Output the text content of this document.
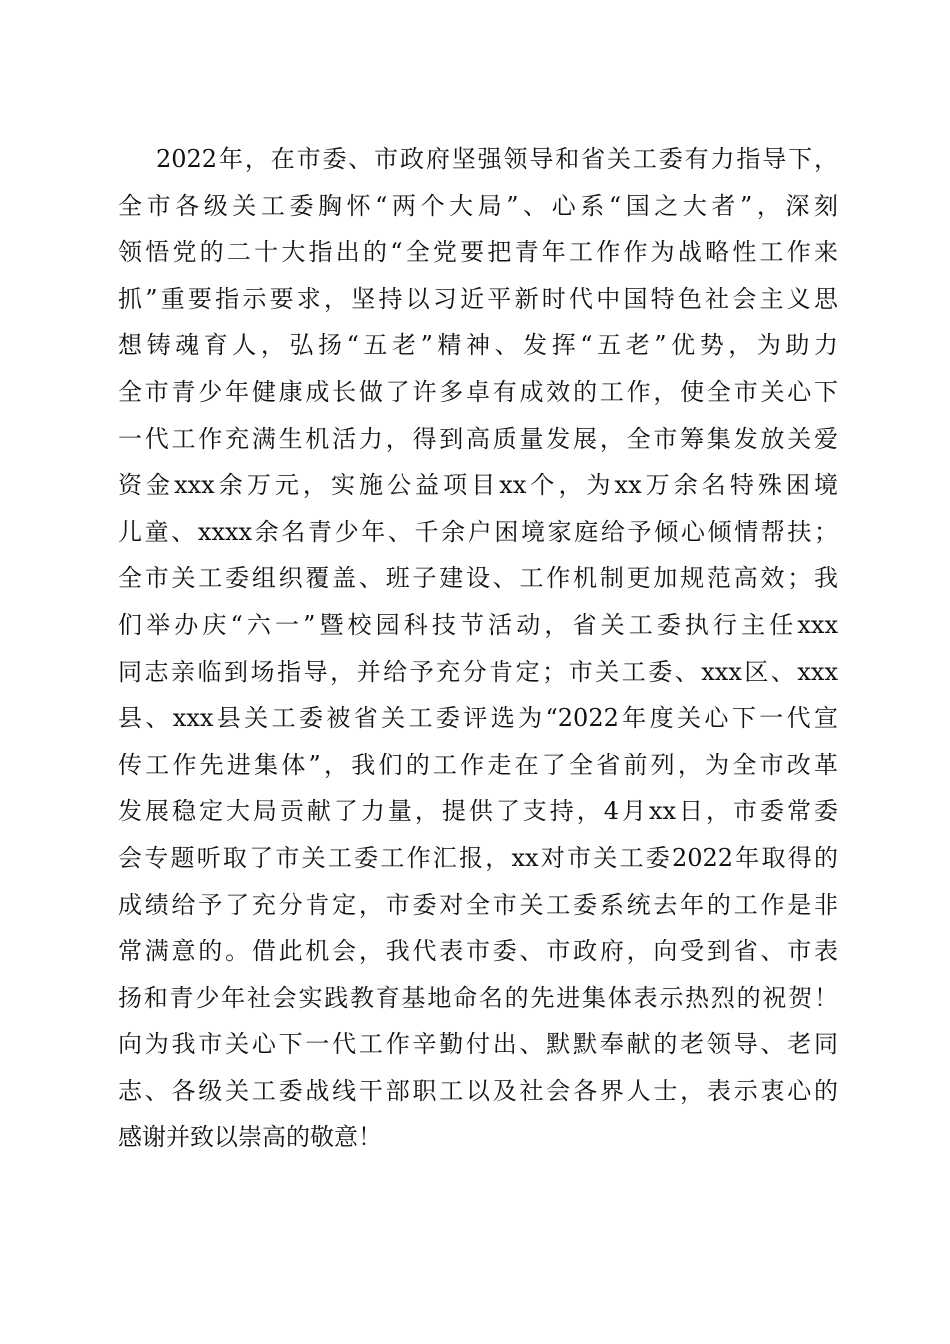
2022年，在市委、市政府坚强领导和省关工委有力指导下，
全市各级关工委胸怀“两个大局”、心系“国之大者”，深刻
领悟党的二十大指出的“全党要把青年工作作为战略性工作来
抓”重要指示要求，坚持以习近平新时代中国特色社会主义思
想铸魂育人，弘扬“五老”精神、发挥“五老”优势，为助力
全市青少年健康成长做了许多卓有成效的工作，使全市关心下
一代工作充满生机活力，得到高质量发展，全市筹集发放关爱
资金xxx余万元，实施公益项目xx个，为xx万余名特殊困境
儿童、xxxx余名青少年、千余户困境家庭给予倾心倾情帮扶；
全市关工委组织覆盖、班子建设、工作机制更加规范高效；我
们举办庆“六一”暨校园科技节活动，省关工委执行主任xxx
同志亲临到场指导，并给予充分肯定；市关工委、xxx区、xxx
县、xxx县关工委被省关工委评选为“2022年度关心下一代宣
传工作先进集体”，我们的工作走在了全省前列，为全市改革
发展稳定大局贡献了力量，提供了支持，4月xx日，市委常委
会专题听取了市关工委工作汇报，xx对市关工委2022年取得的
成绩给予了充分肯定，市委对全市关工委系统去年的工作是非
常满意的。借此机会，我代表市委、市政府，向受到省、市表
扬和青少年社会实践教育基地命名的先进集体表示热烈的祝贺！
向为我市关心下一代工作辛勤付出、默默奉献的老领导、老同
志、各级关工委战线干部职工以及社会各界人士，表示衷心的
感谢并致以崇高的敬意！
